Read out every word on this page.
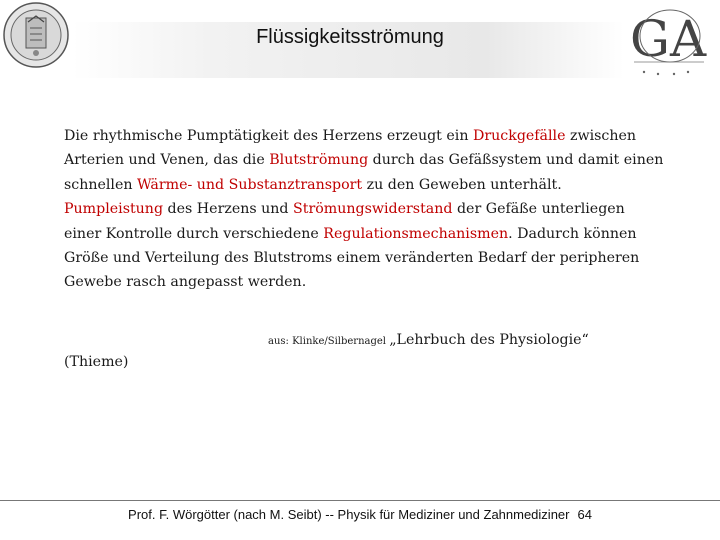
Flüssigkeitsströmung	GA
Die rhythmische Pumptätigkeit des Herzens erzeugt ein Druckgefälle zwischen Arterien und Venen, das die Blutströmung durch das Gefäßsystem und damit einen schnellen Wärme- und Substanztransport zu den Geweben unterhält. Pumpleistung des Herzens und Strömungswiderstand der Gefäße unterliegen einer Kontrolle durch verschiedene Regulationsmechanismen. Dadurch können Größe und Verteilung des Blutstroms einem veränderten Bedarf der peripheren Gewebe rasch angepasst werden.
aus: Klinke/Silbernagel „Lehrbuch des Physiologie“
(Thieme)
Prof. F. Wörgötter (nach M. Seibt) -- Physik für Mediziner und Zahnmediziner 64
